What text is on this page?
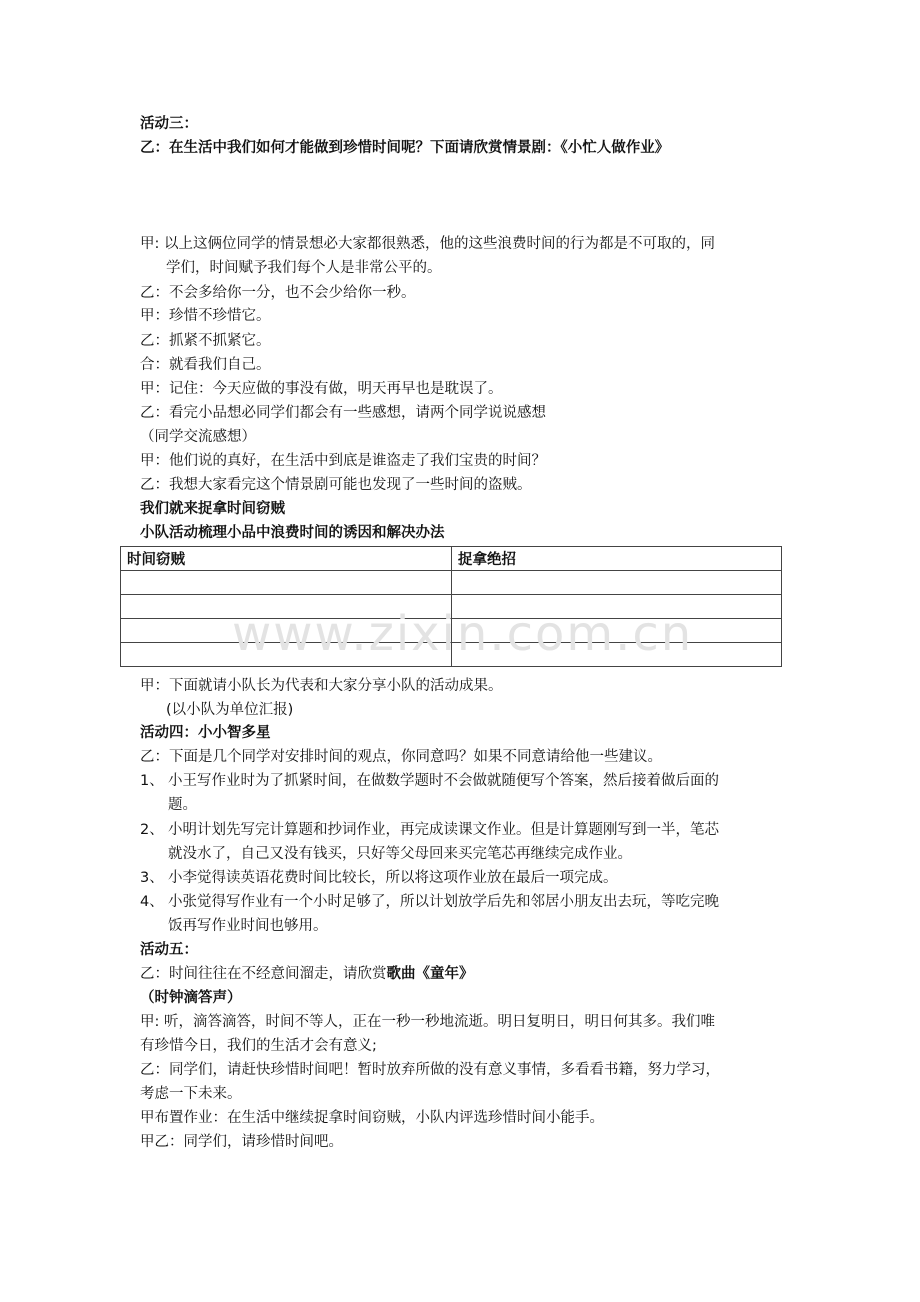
活动三：
乙：在生活中我们如何才能做到珍惜时间呢？下面请欣赏情景剧：《小忙人做作业》
甲: 以上这俩位同学的情景想必大家都很熟悉，他的这些浪费时间的行为都是不可取的，同
学们，时间赋予我们每个人是非常公平的。
乙：不会多给你一分，也不会少给你一秒。
甲：珍惜不珍惜它。
乙：抓紧不抓紧它。
合：就看我们自己。
甲：记住：今天应做的事没有做，明天再早也是耽误了。
乙：看完小品想必同学们都会有一些感想，请两个同学说说感想
（同学交流感想）
甲：他们说的真好，在生活中到底是谁盗走了我们宝贵的时间？
乙：我想大家看完这个情景剧可能也发现了一些时间的盗贼。
我们就来捉拿时间窃贼
小队活动梳理小品中浪费时间的诱因和解决办法
时间窃贼	捉拿绝招

www.zixin.com.cn
甲：下面就请小队长为代表和大家分享小队的活动成果。
(以小队为单位汇报)
活动四：小小智多星
乙：下面是几个同学对安排时间的观点，你同意吗？如果不同意请给他一些建议。
1、 小王写作业时为了抓紧时间，在做数学题时不会做就随便写个答案，然后接着做后面的
题。
2、 小明计划先写完计算题和抄词作业，再完成读课文作业。但是计算题刚写到一半，笔芯
就没水了，自己又没有钱买，只好等父母回来买完笔芯再继续完成作业。
3、 小李觉得读英语花费时间比较长，所以将这项作业放在最后一项完成。
4、 小张觉得写作业有一个小时足够了，所以计划放学后先和邻居小朋友出去玩，等吃完晚
饭再写作业时间也够用。
活动五：
乙：时间往往在不经意间溜走，请欣赏歌曲《童年》
（时钟滴答声）
甲: 听，滴答滴答，时间不等人，正在一秒一秒地流逝。明日复明日，明日何其多。我们唯
有珍惜今日，我们的生活才会有意义;
乙：同学们，请赶快珍惜时间吧！暂时放弃所做的没有意义事情，多看看书籍，努力学习，
考虑一下未来。
甲布置作业：在生活中继续捉拿时间窃贼，小队内评选珍惜时间小能手。
甲乙：同学们，请珍惜时间吧。
